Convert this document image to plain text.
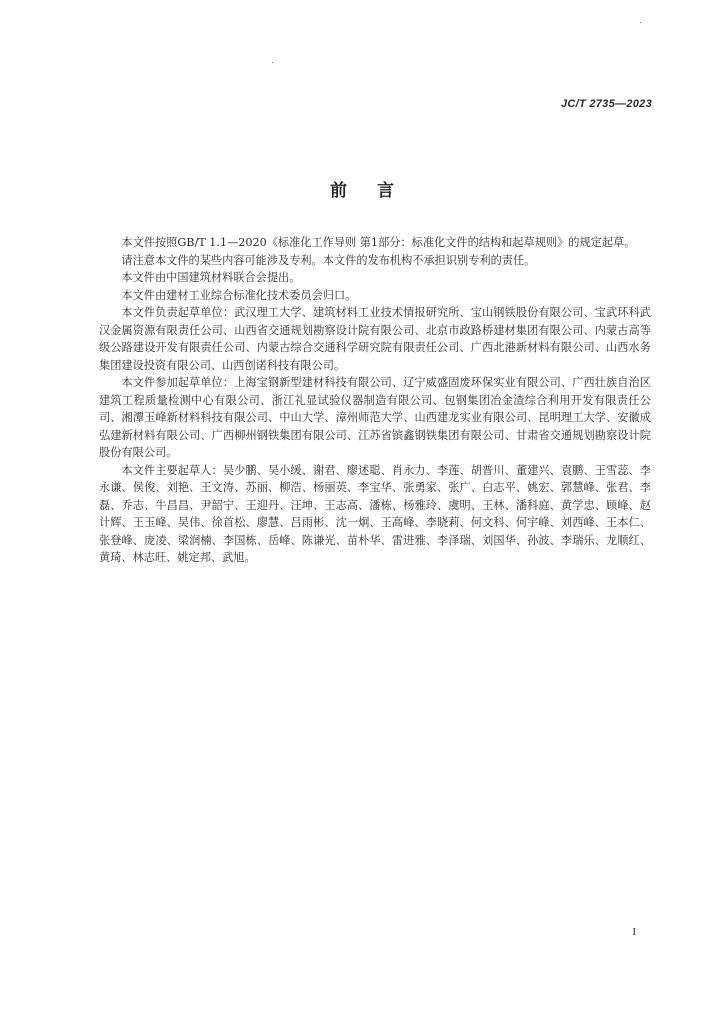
JC/T 2735—2023
前言

本文件按照GB/T 1.1—2020《标准化工作导则 第1部分：标准化文件的结构和起草规则》的规定起草。

请注意本文件的某些内容可能涉及专利。本文件的发布机构不承担识别专利的责任。

本文件由中国建筑材料联合会提出。

本文件由建材工业综合标准化技术委员会归口。

本文件负责起草单位：武汉理工大学、建筑材料工业技术情报研究所、宝山钢铁股份有限公司、宝武环科武汉金属资源有限责任公司、山西省交通规划勘察设计院有限公司、北京市政路桥建材集团有限公司、内蒙古高等级公路建设开发有限责任公司、内蒙古综合交通科学研究院有限责任公司、广西北港新材料有限公司、山西水务集团建设投资有限公司、山西创诺科技有限公司。

本文件参加起草单位：上海宝钢新型建材科技有限公司、辽宁威盛固废环保实业有限公司、广西壮族自治区建筑工程质量检测中心有限公司、浙江礼显试验仪器制造有限公司、包钢集团冶金渣综合利用开发有限责任公司、湘潭玉峰新材料科技有限公司、中山大学、漳州师范大学、山西建龙实业有限公司、昆明理工大学、安徽成弘建新材料有限公司、广西柳州钢铁集团有限公司、江苏省镔鑫钢铁集团有限公司、甘肃省交通规划勘察设计院股份有限公司。

本文件主要起草人：吴少鹏、吴小缓、谢君、廖述聪、肖永力、李莲、胡普川、董建兴、袁鹏、王雪蕊、李永谦、侯俊、刘艳、王文涛、苏丽、柳浩、杨丽英、李宝华、张勇家、张广、白志平、姚宏、郭慧峰、张君、李磊、乔志、牛昌昌、尹韶宁、王迎丹、汪坤、王志高、潘栋、杨雅玲、虞明、王林、潘科庭、黄学忠、顾峰、赵计辉、王玉峰、吴伟、徐首松、廖慧、吕雨彬、沈一炯、王高峰、李晓莉、何文科、何宇峰、刘西峰、王本仁、张登峰、庞凌、梁润楠、李国栋、岳峰、陈谦光、苗朴华、雷进雅、李泽瑞、刘国华、孙波、李瑞乐、龙顺红、黄琦、林志旺、姚定邦、武旭。

I
